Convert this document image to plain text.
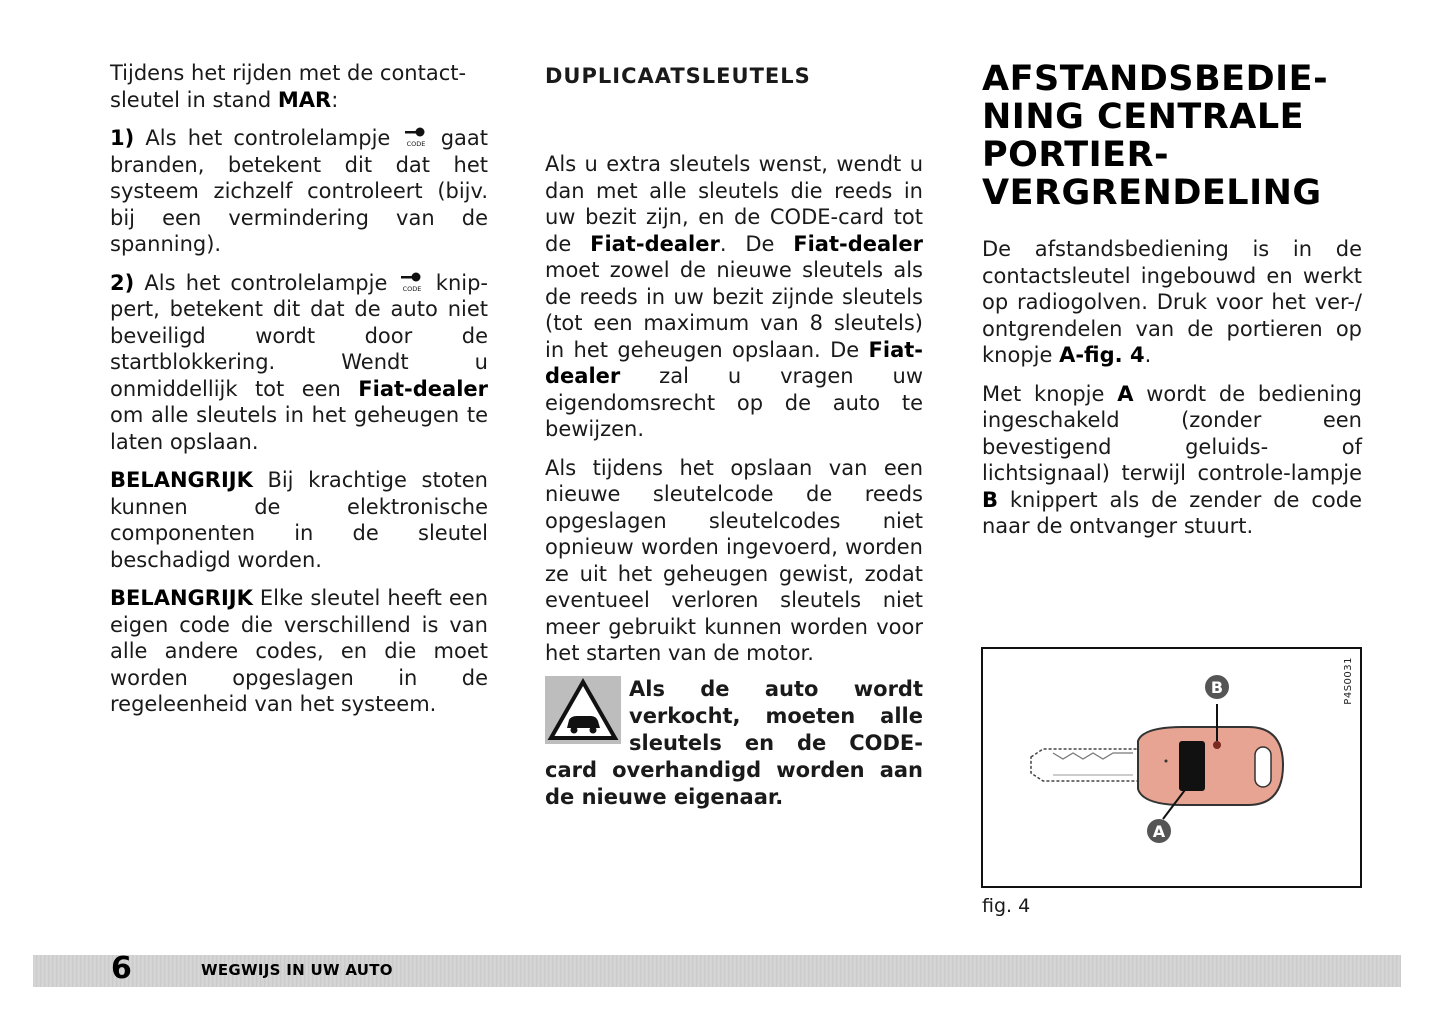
Tijdens het rijden met de contact-sleutel in stand MAR:

1) Als het controlelampje CODE gaat branden, betekent dit dat het systeem zichzelf controleert (bijv. bij een vermindering van de spanning).

2) Als het controlelampje CODE knip-pert, betekent dit dat de auto niet beveiligd wordt door de startblokkering. Wendt u onmiddellijk tot een Fiat-dealer om alle sleutels in het geheugen te laten opslaan.

BELANGRIJK Bij krachtige stoten kunnen de elektronische componenten in de sleutel beschadigd worden.

BELANGRIJK Elke sleutel heeft een eigen code die verschillend is van alle andere codes, en die moet worden opgeslagen in de regeleenheid van het systeem.

DUPLICAATSLEUTELS

Als u extra sleutels wenst, wendt u dan met alle sleutels die reeds in uw bezit zijn, en de CODE-card tot de Fiat-dealer. De Fiat-dealer moet zowel de nieuwe sleutels als de reeds in uw bezit zijnde sleutels (tot een maximum van 8 sleutels) in het geheugen opslaan. De Fiat-dealer zal u vragen uw eigendomsrecht op de auto te bewijzen.

Als tijdens het opslaan van een nieuwe sleutelcode de reeds opgeslagen sleutelcodes niet opnieuw worden ingevoerd, worden ze uit het geheugen gewist, zodat eventueel verloren sleutels niet meer gebruikt kunnen worden voor het starten van de motor.

Als de auto wordt verkocht, moeten alle sleutels en de CODE-card overhandigd worden aan de nieuwe eigenaar.
AFSTANDSBEDIE-
NING CENTRALE
PORTIER-
VERGRENDELING

De afstandsbediening is in de contactsleutel ingebouwd en werkt op radiogolven. Druk voor het ver-/ ontgrendelen van de portieren op knopje A-fig. 4.

Met knopje A wordt de bediening ingeschakeld (zonder een bevestigend geluids- of lichtsignaal) terwijl controle-lampje B knippert als de zender de code naar de ontvanger stuurt.

P4S0031
B
A
fig. 4
6	WEGWIJS IN UW AUTO
